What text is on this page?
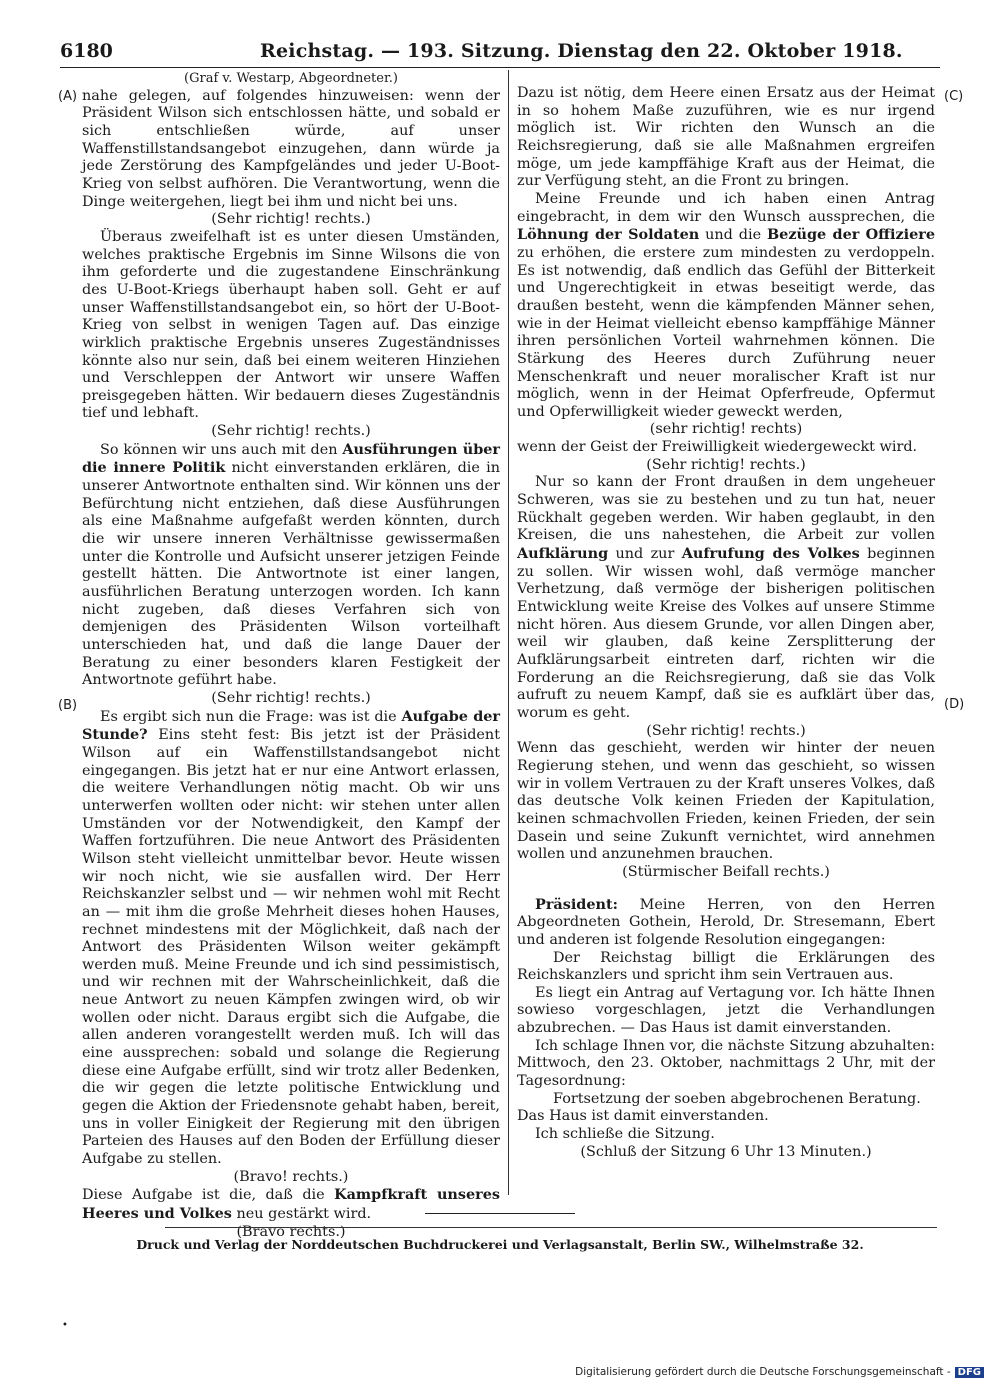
6180	Reichstag. — 193. Sitzung. Dienstag den 22. Oktober 1918.
(A)
(B)
(C)
(D)

(Graf v. Westarp, Abgeordneter.)

nahe gelegen, auf folgendes hinzuweisen: wenn der Präsident Wilson sich entschlossen hätte, und sobald er sich entschließen würde, auf unser Waffenstillstandsangebot einzugehen, dann würde ja jede Zerstörung des Kampfgeländes und jeder U-Boot-Krieg von selbst aufhören. Die Verantwortung, wenn die Dinge weitergehen, liegt bei ihm und nicht bei uns.

(Sehr richtig! rechts.)

Überaus zweifelhaft ist es unter diesen Umständen, welches praktische Ergebnis im Sinne Wilsons die von ihm geforderte und die zugestandene Einschränkung des U-Boot-Kriegs überhaupt haben soll. Geht er auf unser Waffenstillstandsangebot ein, so hört der U-Boot-Krieg von selbst in wenigen Tagen auf. Das einzige wirklich praktische Ergebnis unseres Zugeständnisses könnte also nur sein, daß bei einem weiteren Hinziehen und Verschleppen der Antwort wir unsere Waffen preisgegeben hätten. Wir bedauern dieses Zugeständnis tief und lebhaft.

(Sehr richtig! rechts.)

So können wir uns auch mit den Ausführungen über die innere Politik nicht einverstanden erklären, die in unserer Antwortnote enthalten sind. Wir können uns der Befürchtung nicht entziehen, daß diese Ausführungen als eine Maßnahme aufgefaßt werden könnten, durch die wir unsere inneren Verhältnisse gewissermaßen unter die Kontrolle und Aufsicht unserer jetzigen Feinde gestellt hätten. Die Antwortnote ist einer langen, ausführlichen Beratung unterzogen worden. Ich kann nicht zugeben, daß dieses Verfahren sich von demjenigen des Präsidenten Wilson vorteilhaft unterschieden hat, und daß die lange Dauer der Beratung zu einer besonders klaren Festigkeit der Antwortnote geführt habe.

(Sehr richtig! rechts.)

Es ergibt sich nun die Frage: was ist die Aufgabe der Stunde? Eins steht fest: Bis jetzt ist der Präsident Wilson auf ein Waffenstillstandsangebot nicht eingegangen. Bis jetzt hat er nur eine Antwort erlassen, die weitere Verhandlungen nötig macht. Ob wir uns unterwerfen wollten oder nicht: wir stehen unter allen Umständen vor der Notwendigkeit, den Kampf der Waffen fortzuführen. Die neue Antwort des Präsidenten Wilson steht vielleicht unmittelbar bevor. Heute wissen wir noch nicht, wie sie ausfallen wird. Der Herr Reichskanzler selbst und — wir nehmen wohl mit Recht an — mit ihm die große Mehrheit dieses hohen Hauses, rechnet mindestens mit der Möglichkeit, daß nach der Antwort des Präsidenten Wilson weiter gekämpft werden muß. Meine Freunde und ich sind pessimistisch, und wir rechnen mit der Wahrscheinlichkeit, daß die neue Antwort zu neuen Kämpfen zwingen wird, ob wir wollen oder nicht. Daraus ergibt sich die Aufgabe, die allen anderen vorangestellt werden muß. Ich will das eine aussprechen: sobald und solange die Regierung diese eine Aufgabe erfüllt, sind wir trotz aller Bedenken, die wir gegen die letzte politische Entwicklung und gegen die Aktion der Friedensnote gehabt haben, bereit, uns in voller Einigkeit der Regierung mit den übrigen Parteien des Hauses auf den Boden der Erfüllung dieser Aufgabe zu stellen.

(Bravo! rechts.)

Diese Aufgabe ist die, daß die Kampfkraft unseres Heeres und Volkes neu gestärkt wird.

(Bravo rechts.)

Dazu ist nötig, dem Heere einen Ersatz aus der Heimat in so hohem Maße zuzuführen, wie es nur irgend möglich ist. Wir richten den Wunsch an die Reichsregierung, daß sie alle Maßnahmen ergreifen möge, um jede kampffähige Kraft aus der Heimat, die zur Verfügung steht, an die Front zu bringen.

Meine Freunde und ich haben einen Antrag eingebracht, in dem wir den Wunsch aussprechen, die Löhnung der Soldaten und die Bezüge der Offiziere zu erhöhen, die erstere zum mindesten zu verdoppeln. Es ist notwendig, daß endlich das Gefühl der Bitterkeit und Ungerechtigkeit in etwas beseitigt werde, das draußen besteht, wenn die kämpfenden Männer sehen, wie in der Heimat vielleicht ebenso kampffähige Männer ihren persönlichen Vorteil wahrnehmen können. Die Stärkung des Heeres durch Zuführung neuer Menschenkraft und neuer moralischer Kraft ist nur möglich, wenn in der Heimat Opferfreude, Opfermut und Opferwilligkeit wieder geweckt werden,

(sehr richtig! rechts)

wenn der Geist der Freiwilligkeit wiedergeweckt wird.

(Sehr richtig! rechts.)

Nur so kann der Front draußen in dem ungeheuer Schweren, was sie zu bestehen und zu tun hat, neuer Rückhalt gegeben werden. Wir haben geglaubt, in den Kreisen, die uns nahestehen, die Arbeit zur vollen Aufklärung und zur Aufrufung des Volkes beginnen zu sollen. Wir wissen wohl, daß vermöge mancher Verhetzung, daß vermöge der bisherigen politischen Entwicklung weite Kreise des Volkes auf unsere Stimme nicht hören. Aus diesem Grunde, vor allen Dingen aber, weil wir glauben, daß keine Zersplitterung der Aufklärungsarbeit eintreten darf, richten wir die Forderung an die Reichsregierung, daß sie das Volk aufruft zu neuem Kampf, daß sie es aufklärt über das, worum es geht.

(Sehr richtig! rechts.)

Wenn das geschieht, werden wir hinter der neuen Regierung stehen, und wenn das geschieht, so wissen wir in vollem Vertrauen zu der Kraft unseres Volkes, daß das deutsche Volk keinen Frieden der Kapitulation, keinen schmachvollen Frieden, keinen Frieden, der sein Dasein und seine Zukunft vernichtet, wird annehmen wollen und anzunehmen brauchen.

(Stürmischer Beifall rechts.)

Präsident: Meine Herren, von den Herren Abgeordneten Gothein, Herold, Dr. Stresemann, Ebert und anderen ist folgende Resolution eingegangen:

Der Reichstag billigt die Erklärungen des Reichskanzlers und spricht ihm sein Vertrauen aus.

Es liegt ein Antrag auf Vertagung vor. Ich hätte Ihnen sowieso vorgeschlagen, jetzt die Verhandlungen abzubrechen. — Das Haus ist damit einverstanden.

Ich schlage Ihnen vor, die nächste Sitzung abzuhalten: Mittwoch, den 23. Oktober, nachmittags 2 Uhr, mit der Tagesordnung:

Fortsetzung der soeben abgebrochenen Beratung.

Das Haus ist damit einverstanden.

Ich schließe die Sitzung.

(Schluß der Sitzung 6 Uhr 13 Minuten.)

Druck und Verlag der Norddeutschen Buchdruckerei und Verlagsanstalt, Berlin SW., Wilhelmstraße 32.
•
Digitalisierung gefördert durch die Deutsche Forschungsgemeinschaft - DFG
